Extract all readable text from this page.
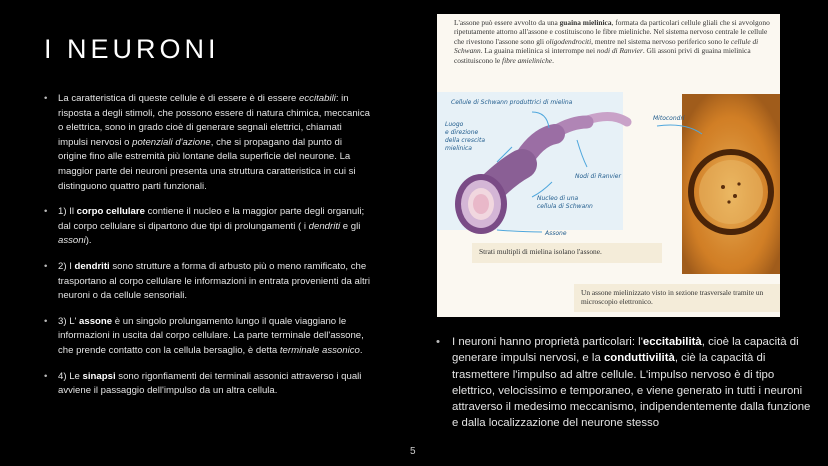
I NEURONI

• La caratteristica di queste cellule è di essere è di essere eccitabili: in risposta a degli stimoli, che possono essere di natura chimica, meccanica o elettrica, sono in grado cioè di generare segnali elettrici, chiamati impulsi nervosi o potenziali d'azione, che si propagano dal punto di origine fino alle estremità più lontane della superficie del neurone. La maggior parte dei neuroni presenta una struttura caratteristica in cui si distinguono quattro parti funzionali.

• 1) Il corpo cellulare contiene il nucleo e la maggior parte degli organuli; dal corpo cellulare si dipartono due tipi di prolungamenti ( i dendriti e gli assoni).

• 2) I dendriti sono strutture a forma di arbusto più o meno ramificato, che trasportano al corpo cellulare le informazioni in entrata provenienti da altri neuroni o da cellule sensoriali.

• 3) L' assone è un singolo prolungamento lungo il quale viaggiano le informazioni in uscita dal corpo cellulare. La parte terminale dell'assone, che prende contatto con la cellula bersaglio, è detta terminale assonico.

• 4) Le sinapsi sono rigonfiamenti dei terminali assonici attraverso i quali avviene il passaggio dell'impulso da un altra cellula.

L'assone può essere avvolto da una guaina mielinica, formata da particolari cellule gliali che si avvolgono ripetutamente attorno all'assone e costituiscono le fibre mieliniche. Nel sistema nervoso centrale le cellule che rivestono l'assone sono gli oligodendrociti, mentre nel sistema nervoso periferico sono le cellule di Schwann. La guaina mielinica si interrompe nei nodi di Ranvier. Gli assoni privi di guaina mielinica costituiscono le fibre amieliniche.
Cellule di Schwann produttrici di mielina
Luogo
e direzione
della crescita
mielinica
Nodi di Ranvier
Nucleo di una
cellula di Schwann
Assone
Mitocondri
Strati multipli di mielina isolano l'assone.
Un assone mielinizzato visto in sezione trasversale tramite un microscopio elettronico.
• I neuroni hanno proprietà particolari: l'eccitabilità, cioè la capacità di generare impulsi nervosi, e la conduttivilità, ciè la capacità di trasmettere l'impulso ad altre cellule. L'impulso nervoso è di tipo elettrico, velocissimo e temporaneo, e viene generato in tutti i neuroni attraverso il medesimo meccanismo, indipendentemente dalla funzione e dalla localizzazione del neurone stesso
5
